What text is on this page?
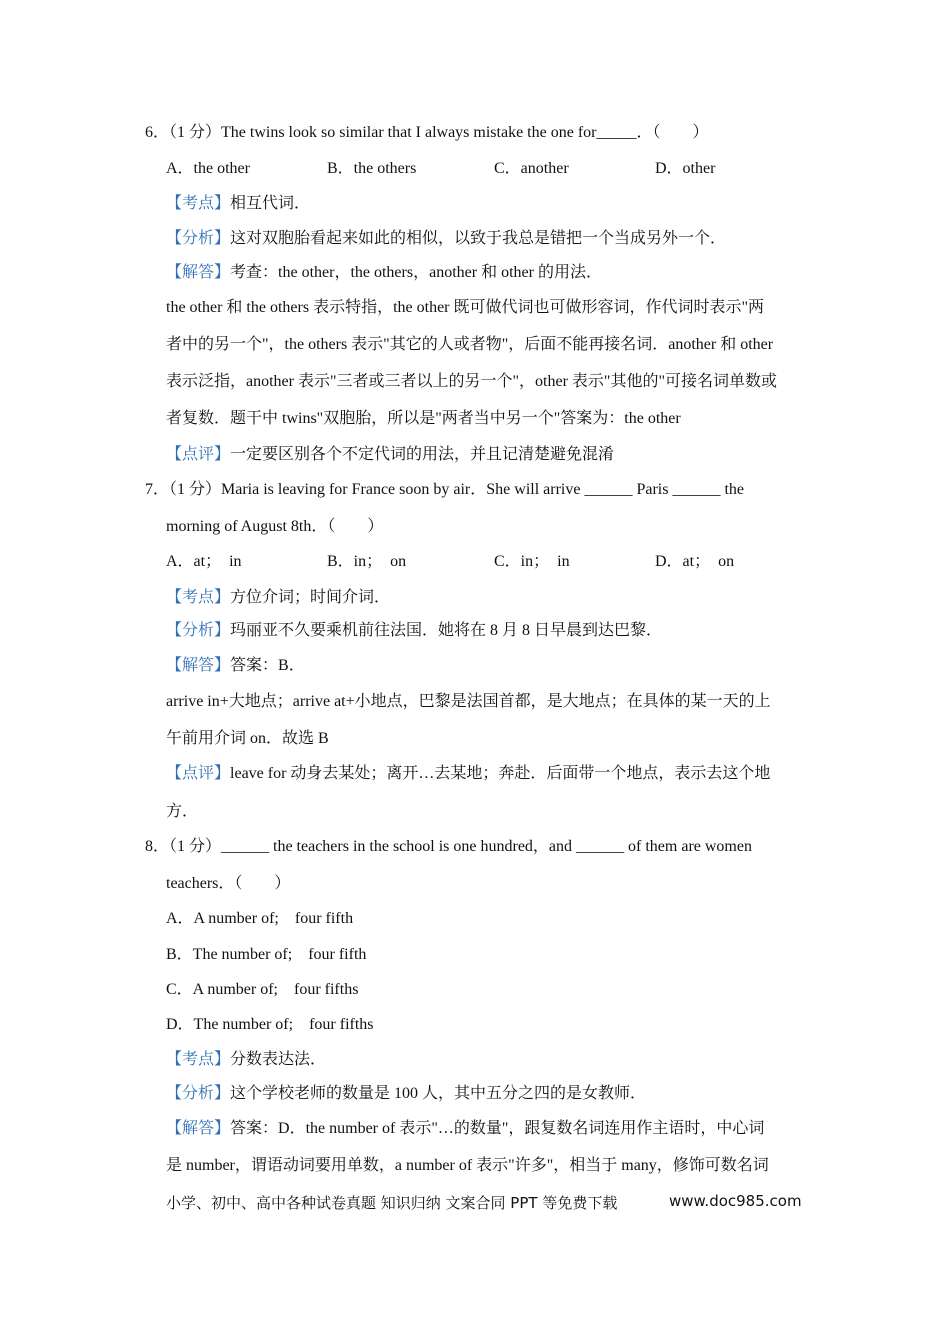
6．（1 分）The twins look so similar that I always mistake the one for_____．（　　）
A．the other	B．the others	C．another	D．other
【考点】相互代词．
【分析】这对双胞胎看起来如此的相似，以致于我总是错把一个当成另外一个．
【解答】考查：the other，the others，another 和 other 的用法．
the other 和 the others 表示特指，the other 既可做代词也可做形容词，作代词时表示"两
者中的另一个"，the others 表示"其它的人或者物"，后面不能再接名词．another 和 other
表示泛指，another 表示"三者或三者以上的另一个"，other 表示"其他的"可接名词单数或
者复数．题干中 twins"双胞胎，所以是"两者当中另一个"答案为：the other
【点评】一定要区别各个不定代词的用法，并且记清楚避免混淆
7．（1 分）Maria is leaving for France soon by air．She will arrive ______ Paris ______ the
morning of August 8th．（　　）
A．at；　in	B．in；　on	C．in；　in	D．at；　on
【考点】方位介词；时间介词．
【分析】玛丽亚不久要乘机前往法国．她将在 8 月 8 日早晨到达巴黎．
【解答】答案：B．
arrive in+大地点；arrive at+小地点，巴黎是法国首都，是大地点；在具体的某一天的上
午前用介词 on．故选 B
【点评】leave for 动身去某处；离开…去某地；奔赴．后面带一个地点，表示去这个地
方．
8．（1 分）______ the teachers in the school is one hundred，and ______ of them are women
teachers．（　　）
A．A number of;　four fifth
B．The number of;　four fifth
C．A number of;　four fifths
D．The number of;　four fifths
【考点】分数表达法．
【分析】这个学校老师的数量是 100 人，其中五分之四的是女教师．
【解答】答案：D．the number of 表示"…的数量"，跟复数名词连用作主语时，中心词
是 number，谓语动词要用单数，a number of 表示"许多"，相当于 many，修饰可数名词
小学、初中、高中各种试卷真题 知识归纳 文案合同 PPT 等免费下载	www.doc985.com
